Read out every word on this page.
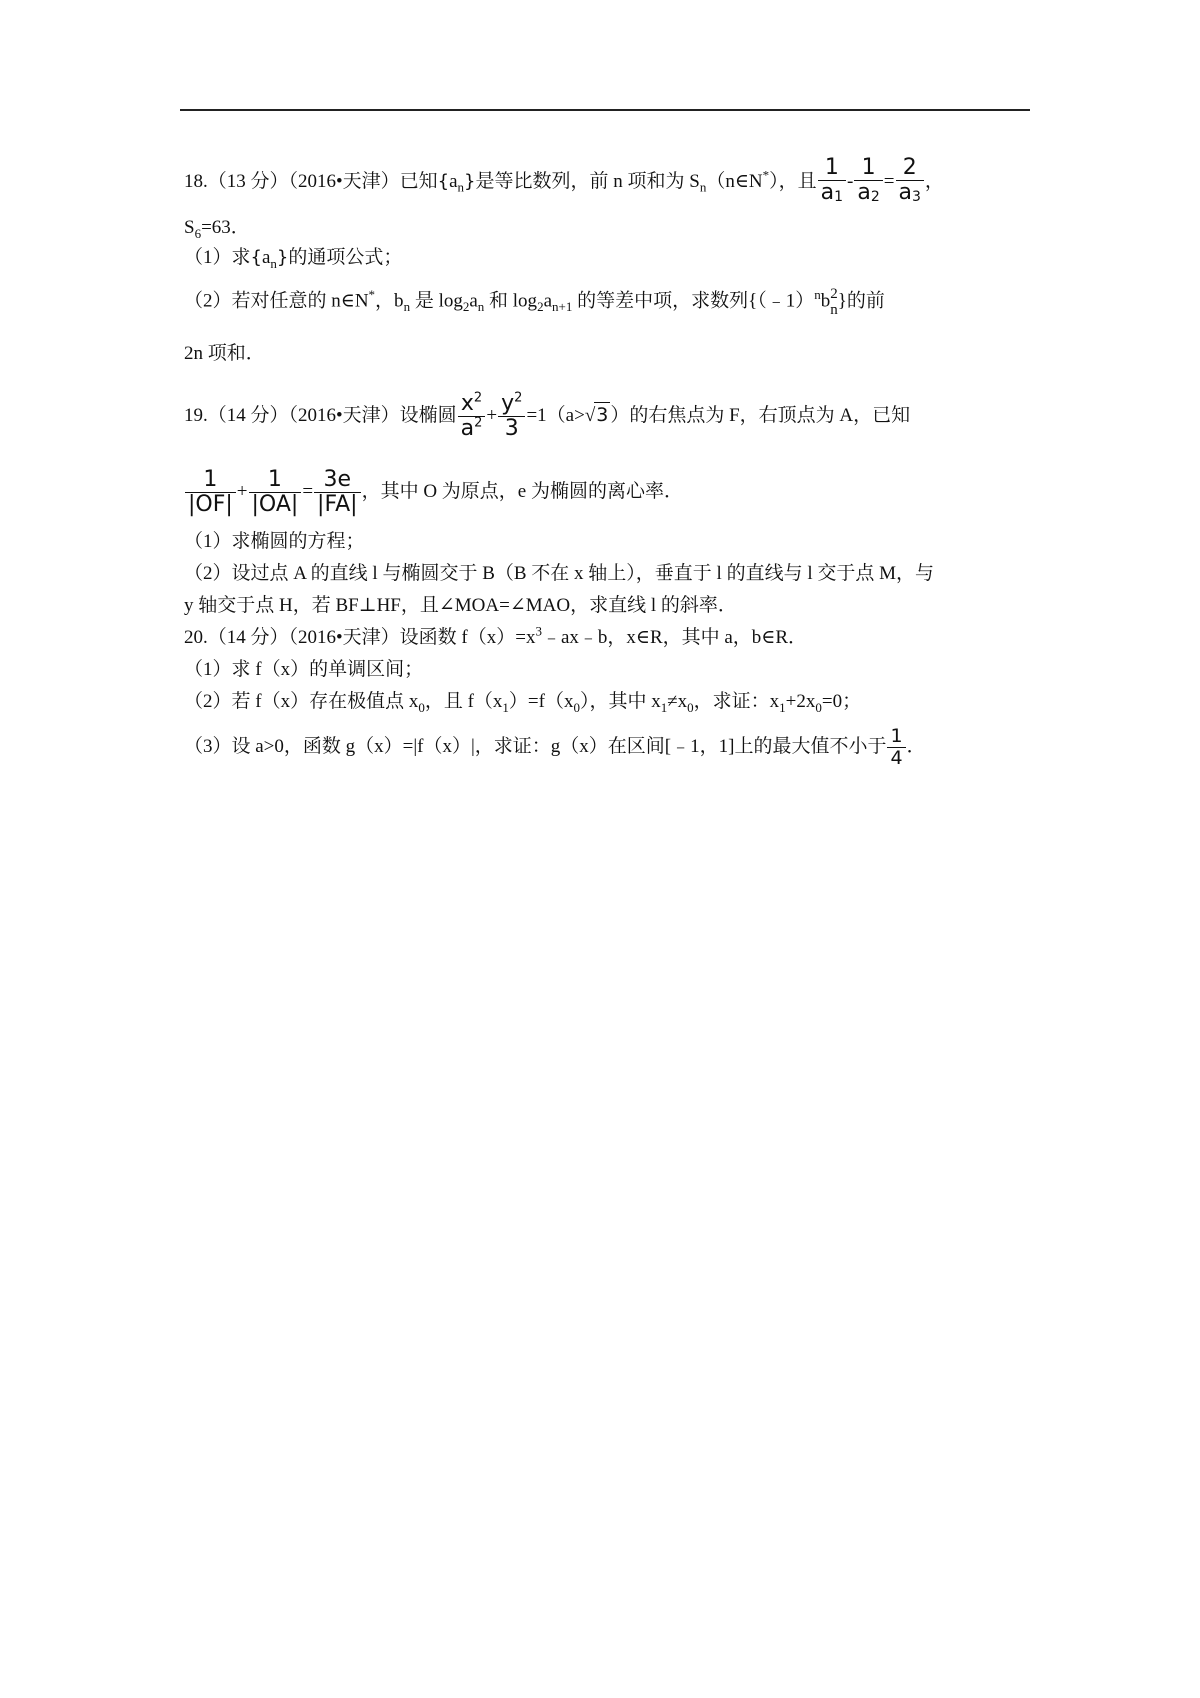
18.（13 分）（2016•天津）已知$\{a_n\}$是等比数列，前 n 项和为 $S_n(n\in N^*)$，且 $\frac{1}{a1} - \frac{1}{a2} = \frac{2}{a3}$ ，
$S_6=63$．
（1）求$\{a_n\}$的通项公式；
（2）若对任意的 n∈N*，$b_n$ 是 $\log_2a_n$ 和 $\log_2a_{n+1}$ 的等差中项，求数列{（﹣1）$^n$b 2
n }的前
2n 项和．
19.（14 分）（2016•天津）设椭圆 $\frac{x^2}{a^2} + \frac{y^2}{3} =1(a>√3$ ）的右焦点为 F，右顶点为 A，已知
$\frac{1}{|OF|} + \frac{1}{|OA|} = \frac{3e}{|FA|}$ ，其中 O 为原点，e 为椭圆的离心率．
（1）求椭圆的方程；
（2）设过点 A 的直线 l 与椭圆交于 B（B 不在 x 轴上），垂直于 l 的直线与 l 交于点 M，与
y 轴交于点 H，若 BF⊥HF，且∠MOA=∠MAO，求直线 l 的斜率．
20.（14 分）（2016•天津）设函数 $f(x)=x^3﹣ax﹣b$，x∈R，其中 a，b∈R．
（1）求 f（x）的单调区间；
（2）若 f（x）存在极值点 $x_0$，且 $f(x_1)=f(x_0)$，其中 $x_1\ne x_0$，求证：$x_1+2x_0=0$；
（3）设 a>0，函数 g（x）=|f（x）|，求证：g（x）在区间[﹣1，1]上的最大值不小于 $\frac{1}{4}$ ．
